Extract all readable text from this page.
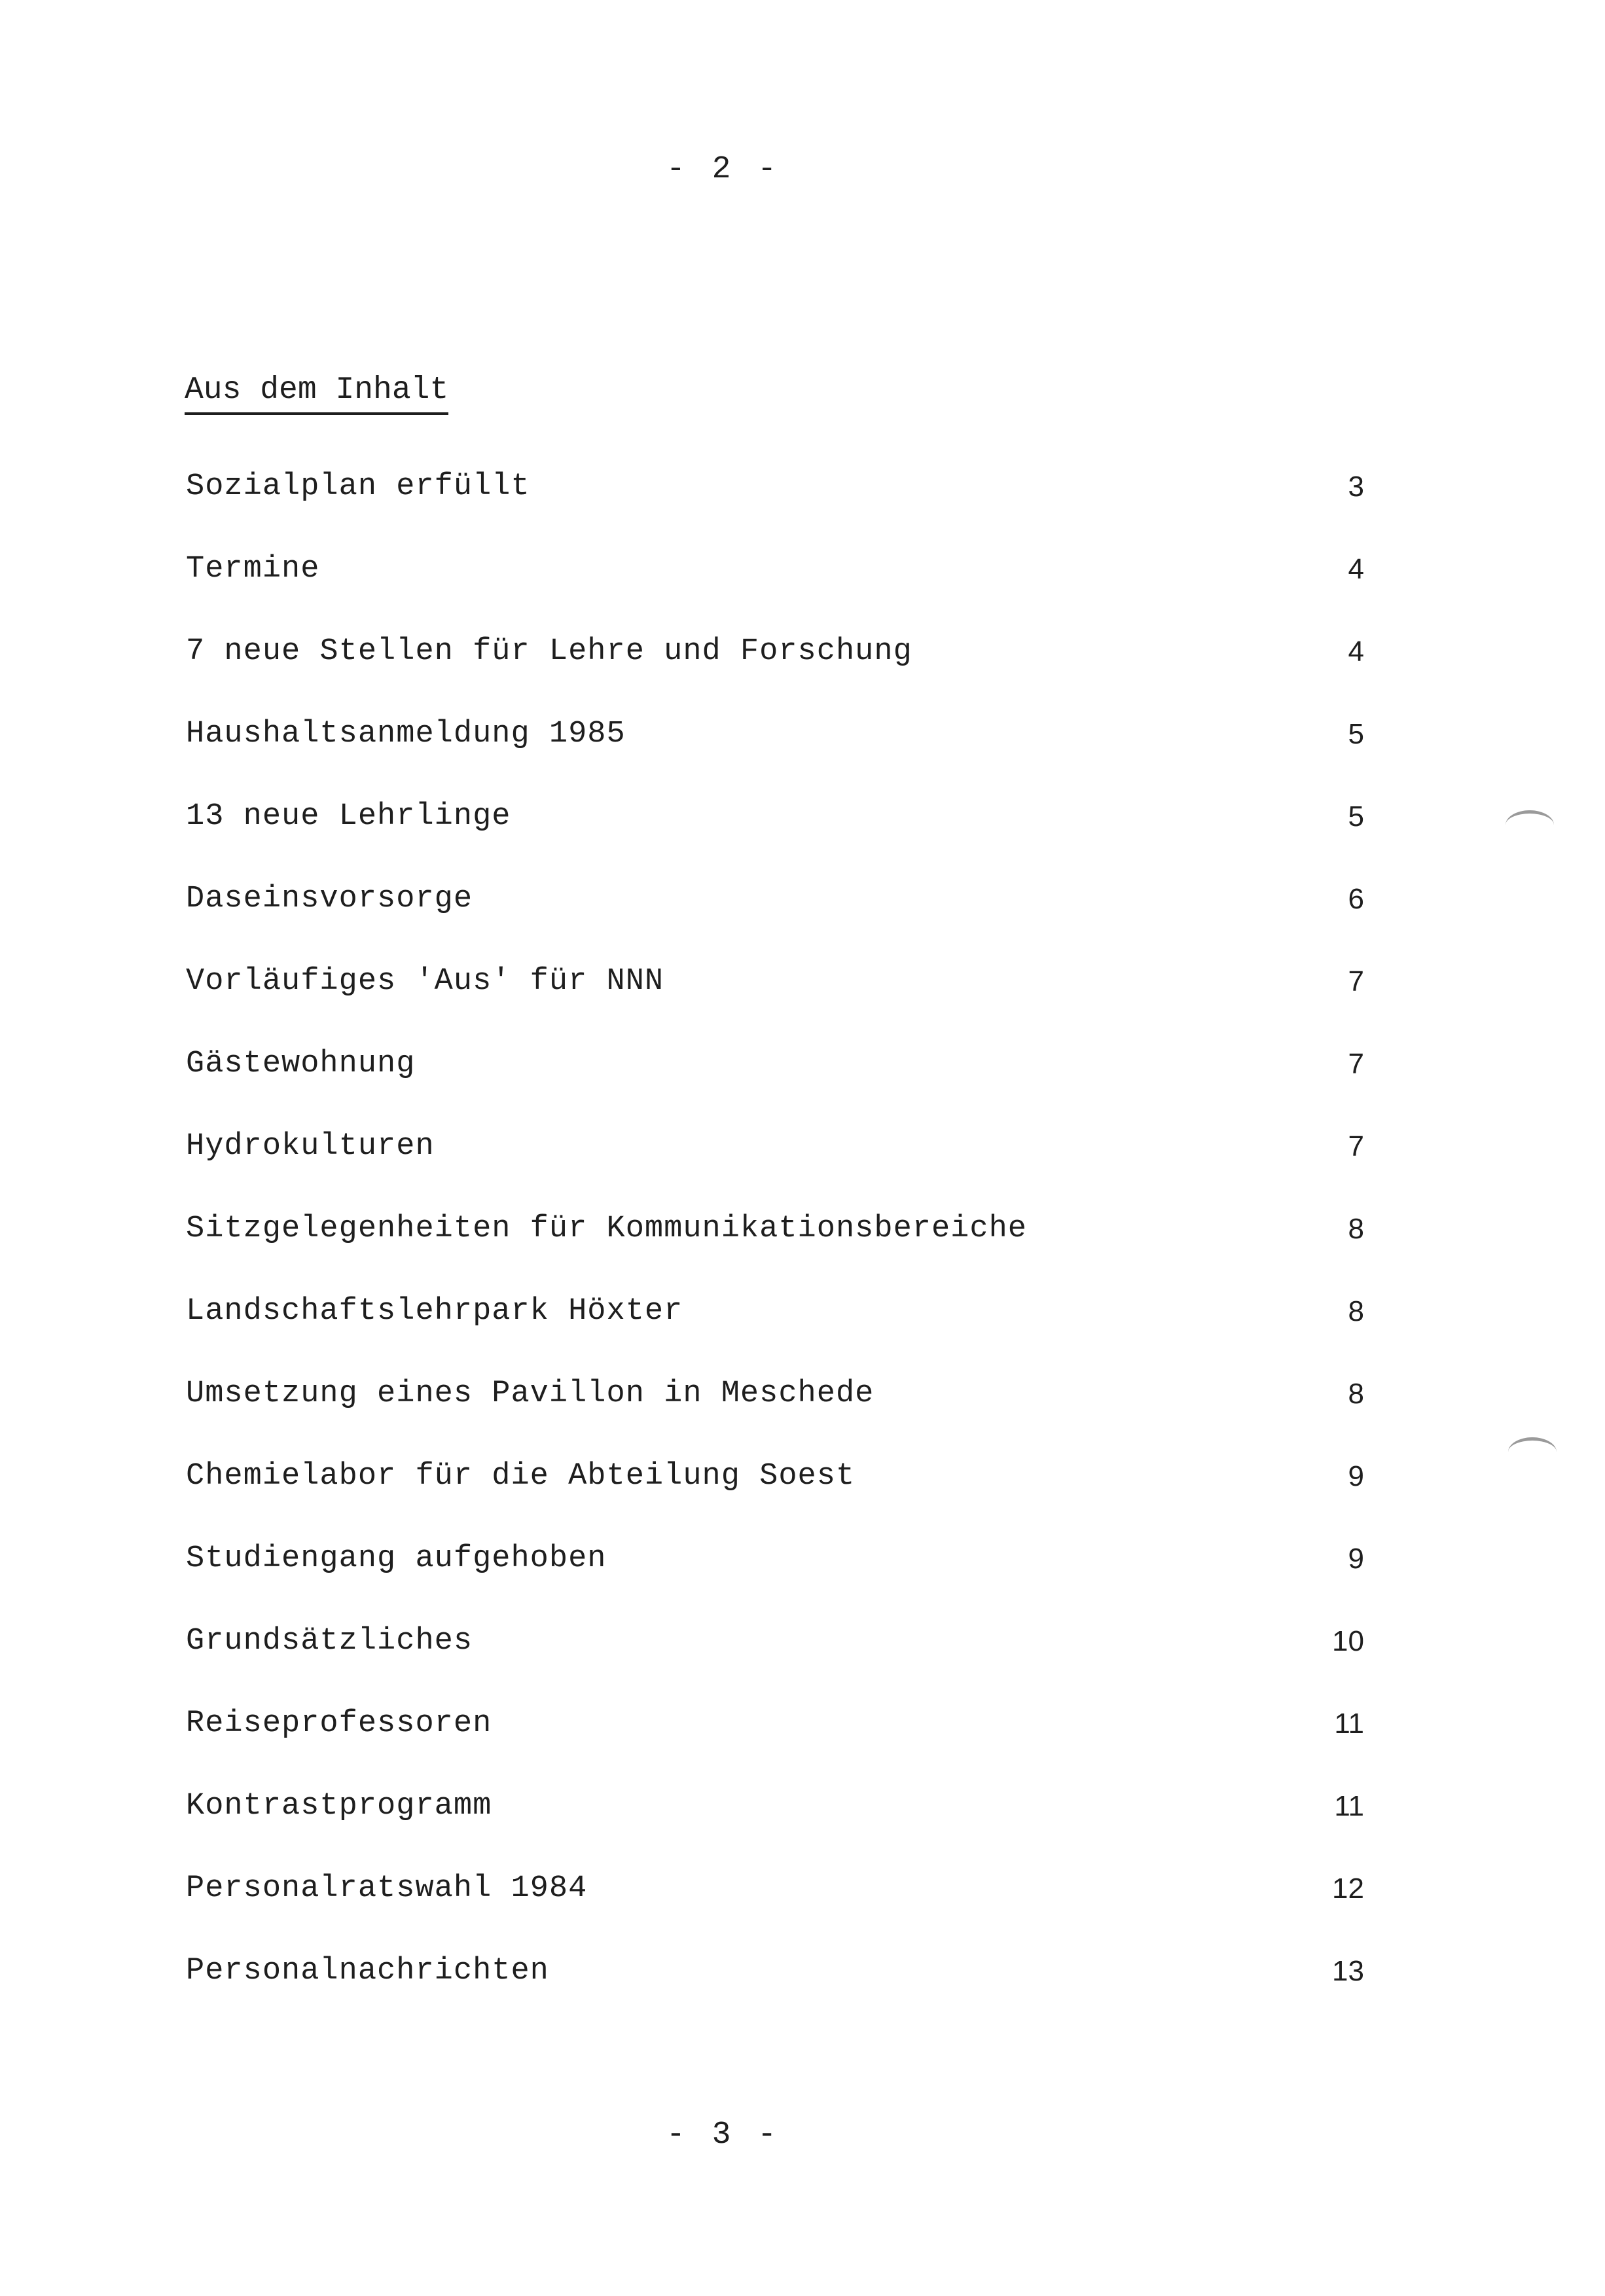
- 2 -
Aus dem Inhalt
Sozialplan erfüllt	3
Termine	4
7 neue Stellen für Lehre und Forschung	4
Haushaltsanmeldung 1985	5
13 neue Lehrlinge	5
Daseinsvorsorge	6
Vorläufiges 'Aus' für NNN	7
Gästewohnung	7
Hydrokulturen	7
Sitzgelegenheiten für Kommunikationsbereiche	8
Landschaftslehrpark Höxter	8
Umsetzung eines Pavillon in Meschede	8
Chemielabor für die Abteilung Soest	9
Studiengang aufgehoben	9
Grundsätzliches	10
Reiseprofessoren	11
Kontrastprogramm	11
Personalratswahl 1984	12
Personalnachrichten	13
- 3 -
